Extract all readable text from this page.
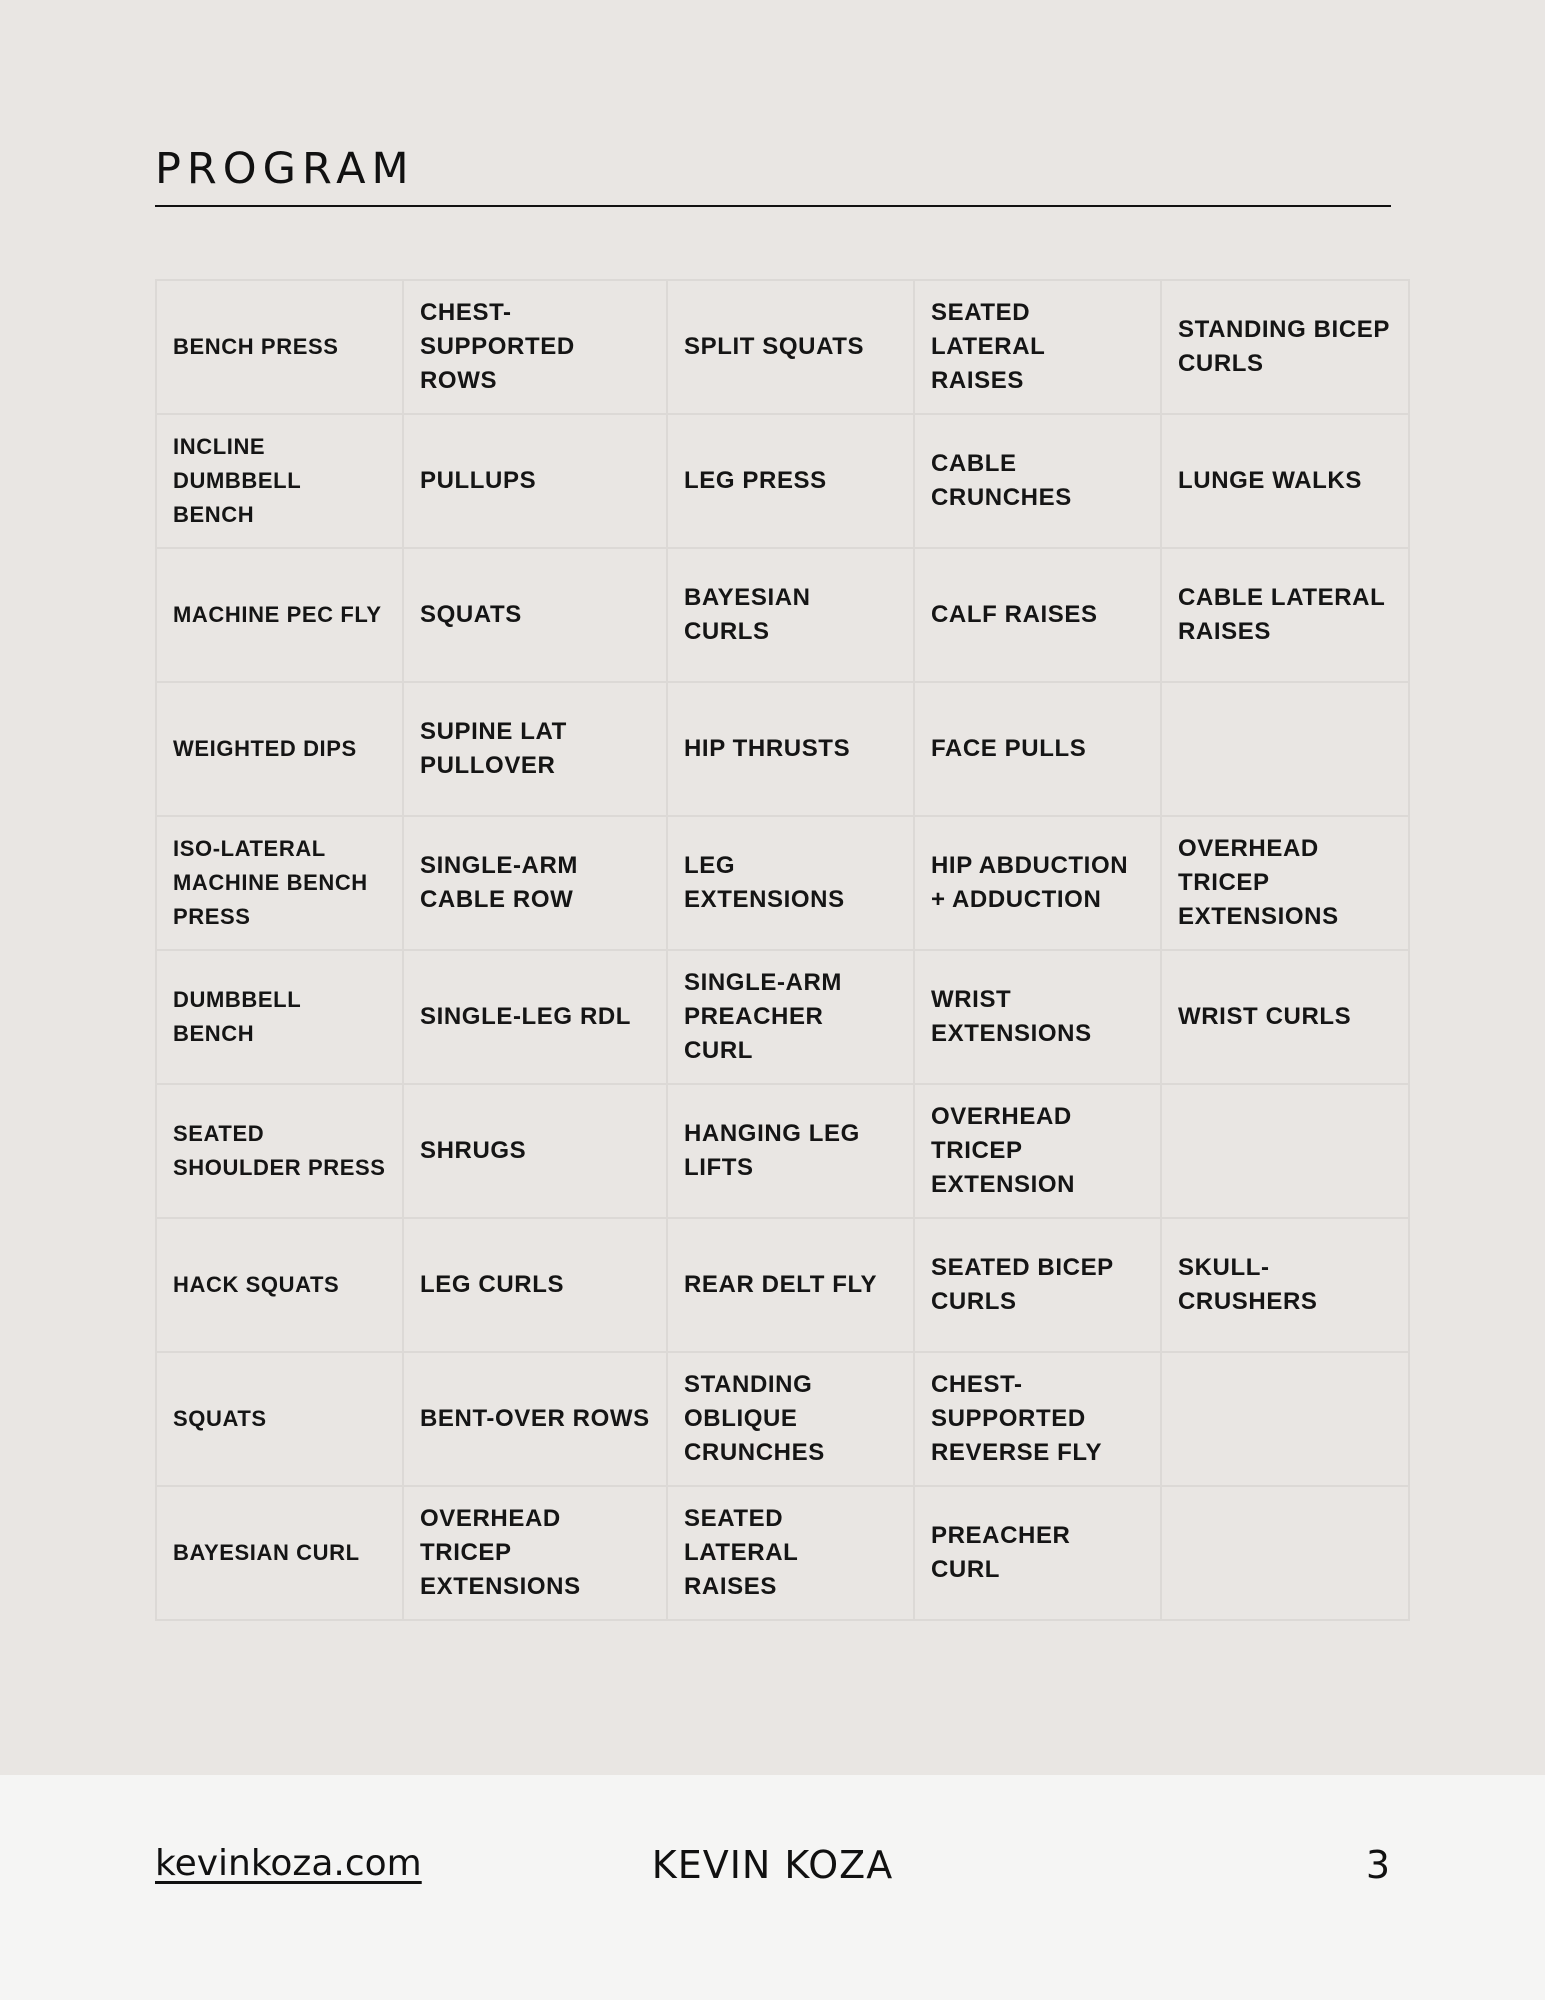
PROGRAM
BENCH PRESS	CHEST-SUPPORTED ROWS	SPLIT SQUATS	SEATED LATERAL RAISES	STANDING BICEP CURLS
INCLINE DUMBBELL BENCH	PULLUPS	LEG PRESS	CABLE CRUNCHES	LUNGE WALKS
MACHINE PEC FLY	SQUATS	BAYESIAN CURLS	CALF RAISES	CABLE LATERAL RAISES
WEIGHTED DIPS	SUPINE LAT PULLOVER	HIP THRUSTS	FACE PULLS	
ISO-LATERAL MACHINE BENCH PRESS	SINGLE-ARM CABLE ROW	LEG EXTENSIONS	HIP ABDUCTION + ADDUCTION	OVERHEAD TRICEP EXTENSIONS
DUMBBELL BENCH	SINGLE-LEG RDL	SINGLE-ARM PREACHER CURL	WRIST EXTENSIONS	WRIST CURLS
SEATED SHOULDER PRESS	SHRUGS	HANGING LEG LIFTS	OVERHEAD TRICEP EXTENSION	
HACK SQUATS	LEG CURLS	REAR DELT FLY	SEATED BICEP CURLS	SKULL-CRUSHERS
SQUATS	BENT-OVER ROWS	STANDING OBLIQUE CRUNCHES	CHEST-SUPPORTED REVERSE FLY	
BAYESIAN CURL	OVERHEAD TRICEP EXTENSIONS	SEATED LATERAL RAISES	PREACHER CURL	
kevinkoza.com	KEVIN KOZA	3
